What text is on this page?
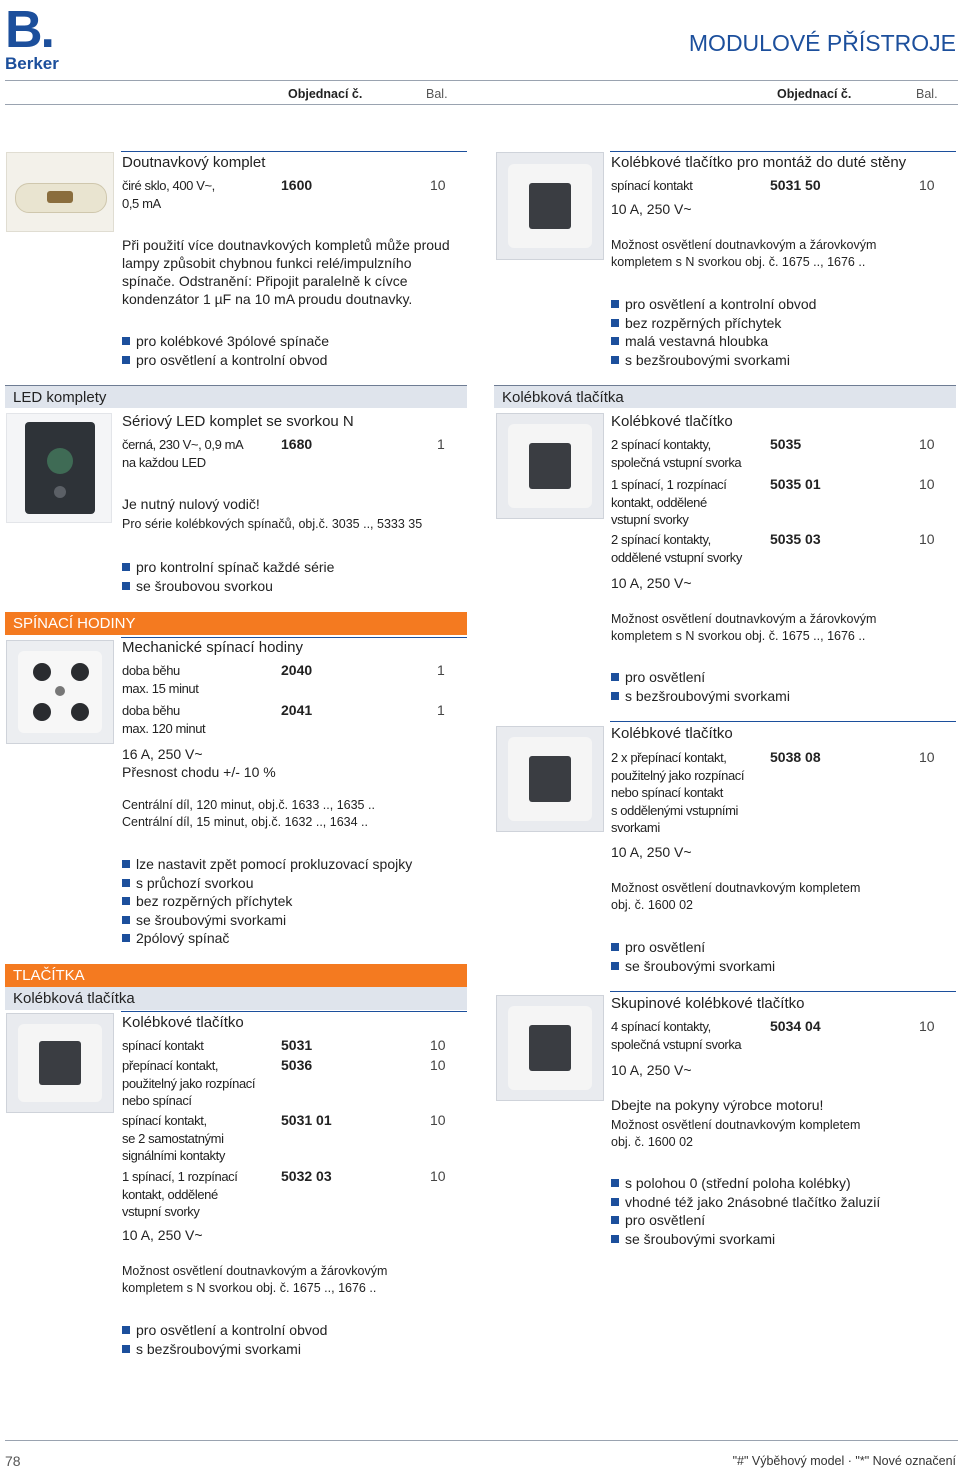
B.
Berker
MODULOVÉ PŘÍSTROJE
Objednací č.	Bal.	Objednací č.	Bal.
Doutnavkový komplet
čiré sklo, 400 V~,
0,5 mA
1600	10
Při použití více doutnavkových kompletů může proud
lampy způsobit chybnou funkci relé/impulzního
spínače. Odstranění: Připojit paralelně k cívce
kondenzátor 1 µF na 10 mA proudu doutnavky.
pro kolébkové 3pólové spínače
pro osvětlení a kontrolní obvod
LED komplety
Sériový LED komplet se svorkou N
černá, 230 V~, 0,9 mA
na každou LED
1680	1
Je nutný nulový vodič!
Pro série kolébkových spínačů, obj.č. 3035 .., 5333 35
pro kontrolní spínač každé série
se šroubovou svorkou
SPÍNACÍ HODINY
Mechanické spínací hodiny
doba běhu
max. 15 minut
2040	1
doba běhu
max. 120 minut
2041	1
16 A, 250 V~
Přesnost chodu +/- 10 %
Centrální díl, 120 minut, obj.č. 1633 .., 1635 ..
Centrální díl, 15 minut, obj.č. 1632 .., 1634 ..
lze nastavit zpět pomocí prokluzovací spojky
s průchozí svorkou
bez rozpěrných příchytek
se šroubovými svorkami
2pólový spínač
TLAČÍTKA
Kolébková tlačítka
Kolébkové tlačítko
spínací kontakt	5031	10
přepínací kontakt,
použitelný jako rozpínací
nebo spínací
5036	10
spínací kontakt,
se 2 samostatnými
signálními kontakty
5031 01	10
1 spínací, 1 rozpínací
kontakt, oddělené
vstupní svorky
5032 03	10
10 A, 250 V~
Možnost osvětlení doutnavkovým a žárovkovým
kompletem s N svorkou obj. č. 1675 .., 1676 ..
pro osvětlení a kontrolní obvod
s bezšroubovými svorkami
Kolébkové tlačítko pro montáž do duté stěny
spínací kontakt	5031 50	10
10 A, 250 V~
Možnost osvětlení doutnavkovým a žárovkovým
kompletem s N svorkou obj. č. 1675 .., 1676 ..
pro osvětlení a kontrolní obvod
bez rozpěrných příchytek
malá vestavná hloubka
s bezšroubovými svorkami
Kolébková tlačítka
Kolébkové tlačítko
2 spínací kontakty,
společná vstupní svorka
5035	10
1 spínací, 1 rozpínací
kontakt, oddělené
vstupní svorky
5035 01	10
2 spínací kontakty,
oddělené vstupní svorky
5035 03	10
10 A, 250 V~
Možnost osvětlení doutnavkovým a žárovkovým
kompletem s N svorkou obj. č. 1675 .., 1676 ..
pro osvětlení
s bezšroubovými svorkami
Kolébkové tlačítko
2 x přepínací kontakt,
použitelný jako rozpínací
nebo spínací kontakt
s oddělenými vstupními
svorkami
5038 08	10
10 A, 250 V~
Možnost osvětlení doutnavkovým kompletem
obj. č. 1600 02
pro osvětlení
se šroubovými svorkami
Skupinové kolébkové tlačítko
4 spínací kontakty,
společná vstupní svorka
5034 04	10
10 A, 250 V~
Dbejte na pokyny výrobce motoru!
Možnost osvětlení doutnavkovým kompletem
obj. č. 1600 02
s polohou 0 (střední poloha kolébky)
vhodné též jako 2násobné tlačítko žaluzií
pro osvětlení
se šroubovými svorkami
78	"#" Výběhový model · "*" Nové označení
